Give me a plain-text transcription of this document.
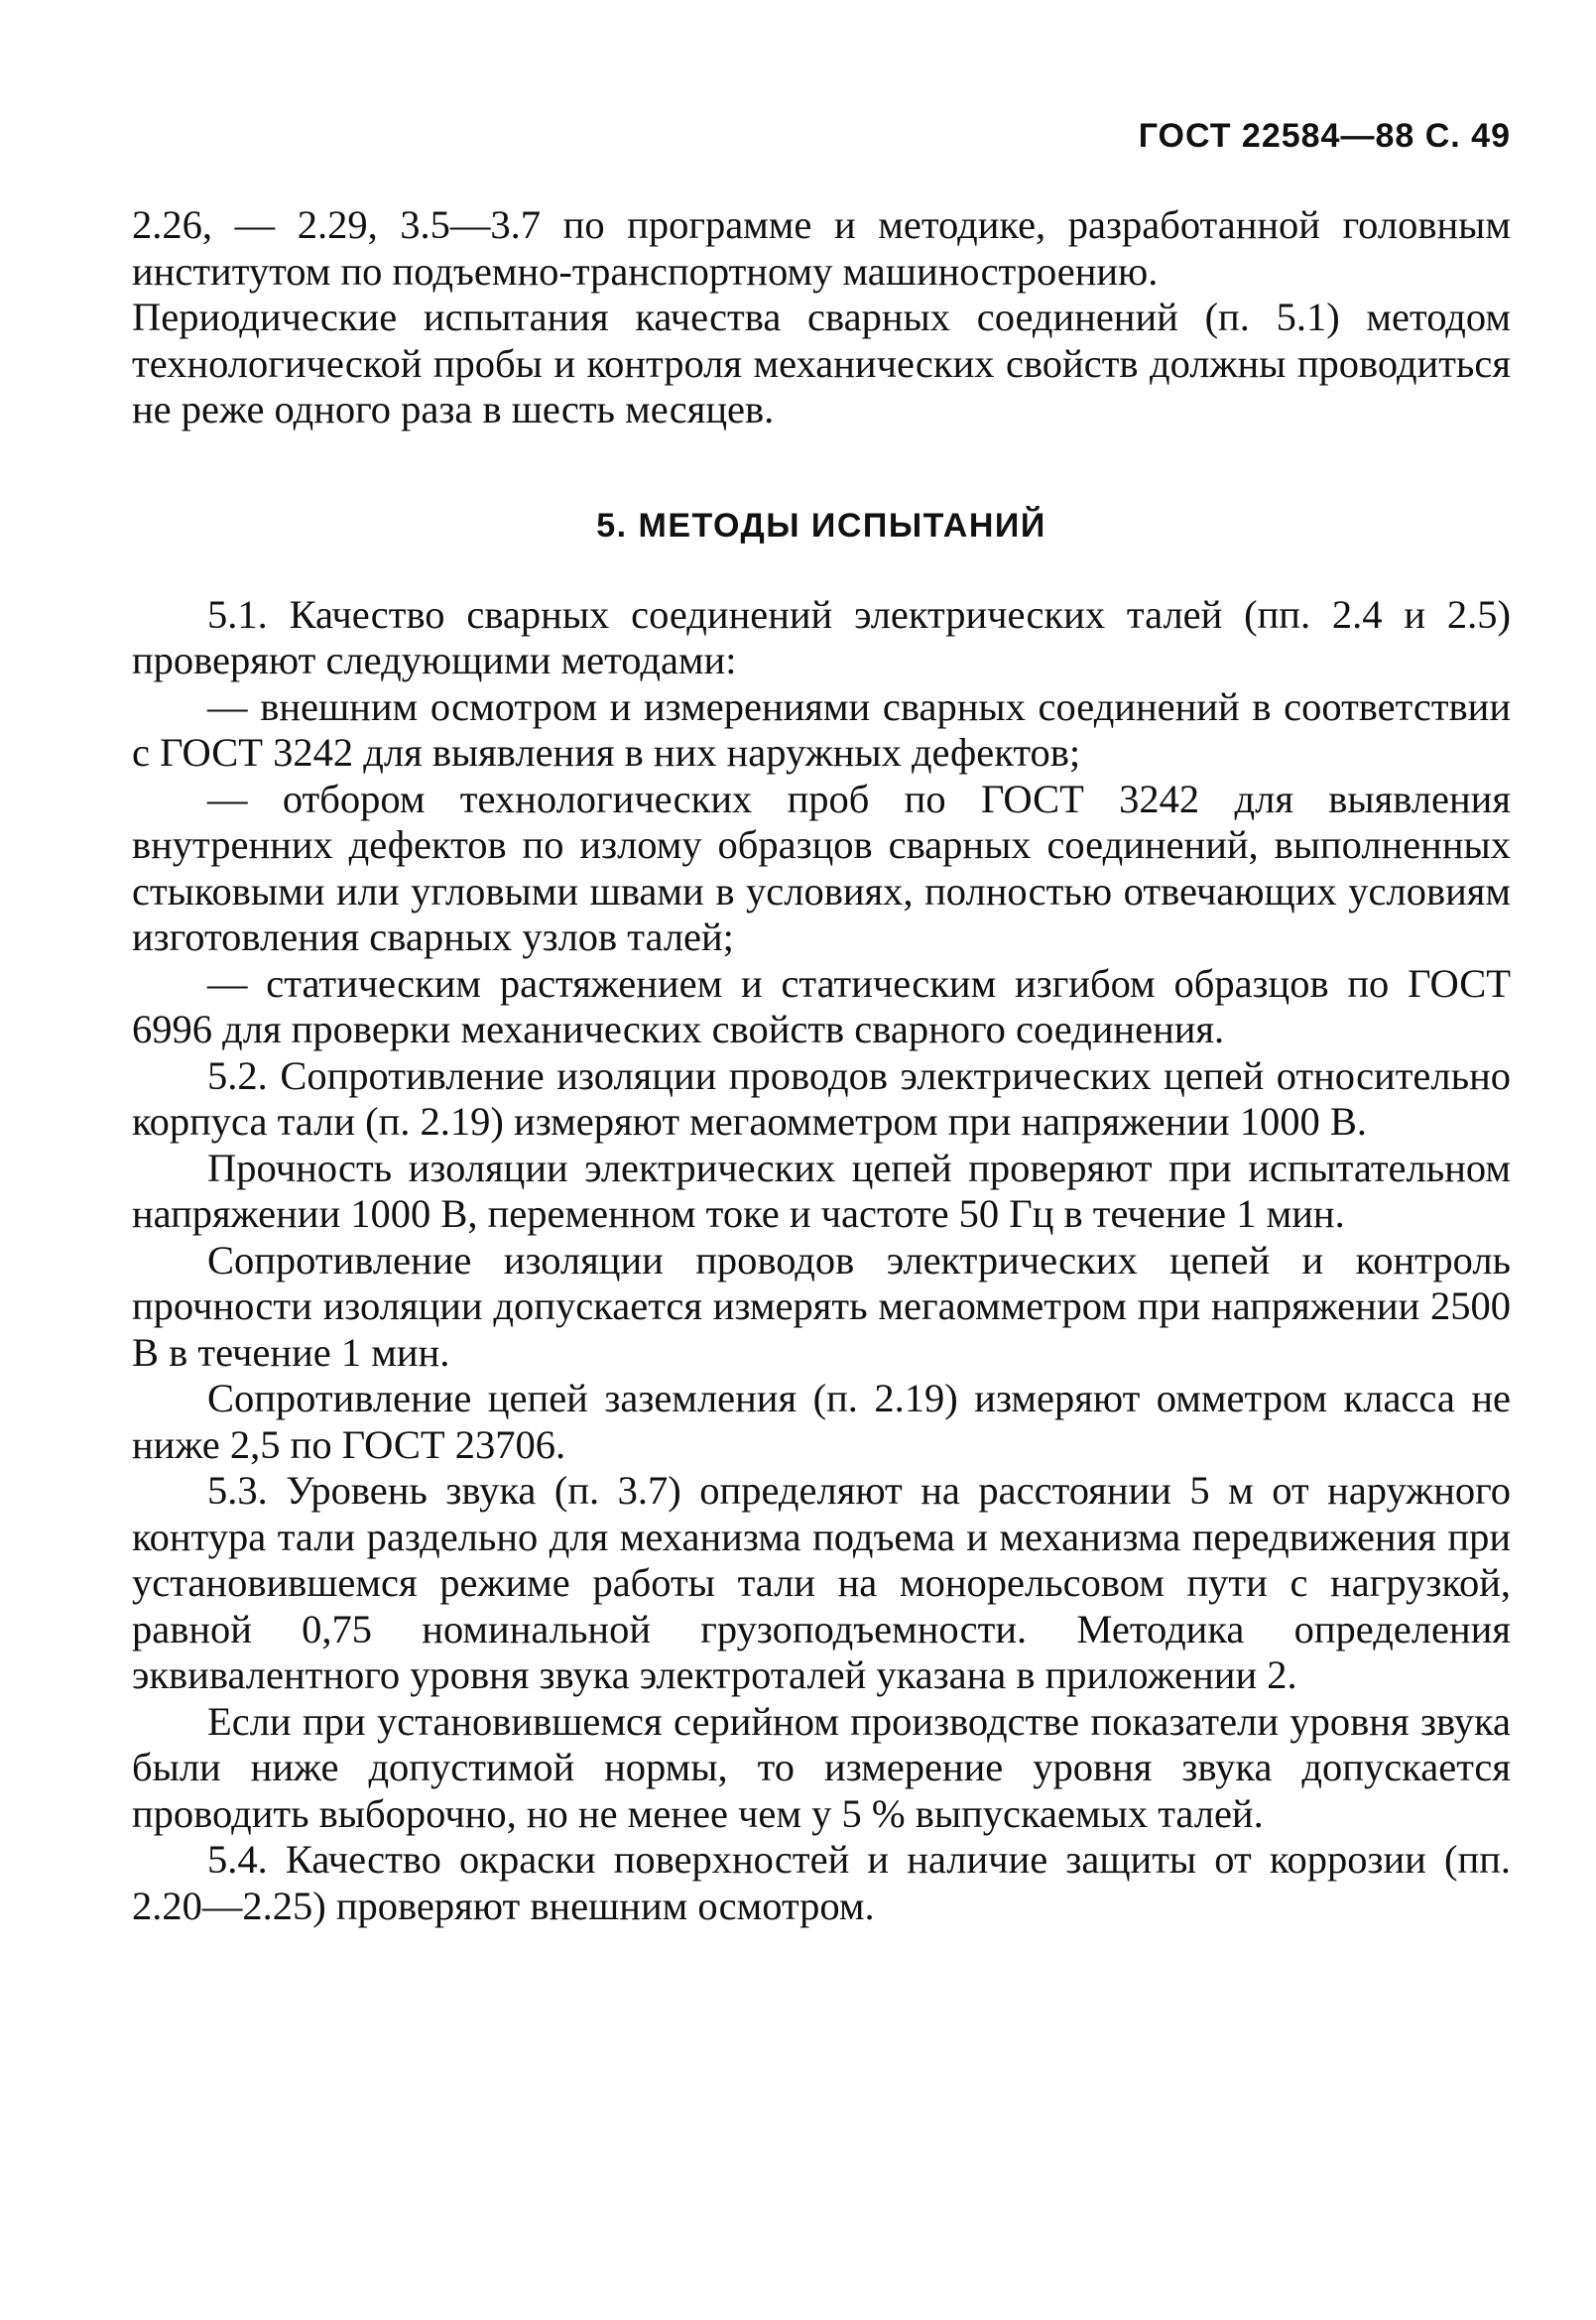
ГОСТ 22584—88 С. 49

2.26, — 2.29, 3.5—3.7 по программе и методике, разработанной головным институтом по подъемно-транспортному машиностроению.

Периодические испытания качества сварных соединений (п. 5.1) методом технологической пробы и контроля механических свойств должны проводиться не реже одного раза в шесть месяцев.

5. МЕТОДЫ ИСПЫТАНИЙ

5.1. Качество сварных соединений электрических талей (пп. 2.4 и 2.5) проверяют следующими методами:

— внешним осмотром и измерениями сварных соединений в соответствии с ГОСТ 3242 для выявления в них наружных дефектов;

— отбором технологических проб по ГОСТ 3242 для выявления внутренних дефектов по излому образцов сварных соединений, выполненных стыковыми или угловыми швами в условиях, полностью отвечающих условиям изготовления сварных узлов талей;

— статическим растяжением и статическим изгибом образцов по ГОСТ 6996 для проверки механических свойств сварного соединения.

5.2. Сопротивление изоляции проводов электрических цепей относительно корпуса тали (п. 2.19) измеряют мегаомметром при напряжении 1000 В.

Прочность изоляции электрических цепей проверяют при испытательном напряжении 1000 В, переменном токе и частоте 50 Гц в течение 1 мин.

Сопротивление изоляции проводов электрических цепей и контроль прочности изоляции допускается измерять мегаомметром при напряжении 2500 В в течение 1 мин.

Сопротивление цепей заземления (п. 2.19) измеряют омметром класса не ниже 2,5 по ГОСТ 23706.

5.3. Уровень звука (п. 3.7) определяют на расстоянии 5 м от наружного контура тали раздельно для механизма подъема и механизма передвижения при установившемся режиме работы тали на монорельсовом пути с нагрузкой, равной 0,75 номинальной грузоподъемности. Методика определения эквивалентного уровня звука электроталей указана в приложении 2.

Если при установившемся серийном производстве показатели уровня звука были ниже допустимой нормы, то измерение уровня звука допускается проводить выборочно, но не менее чем у 5 % выпускаемых талей.

5.4. Качество окраски поверхностей и наличие защиты от коррозии (пп. 2.20—2.25) проверяют внешним осмотром.
